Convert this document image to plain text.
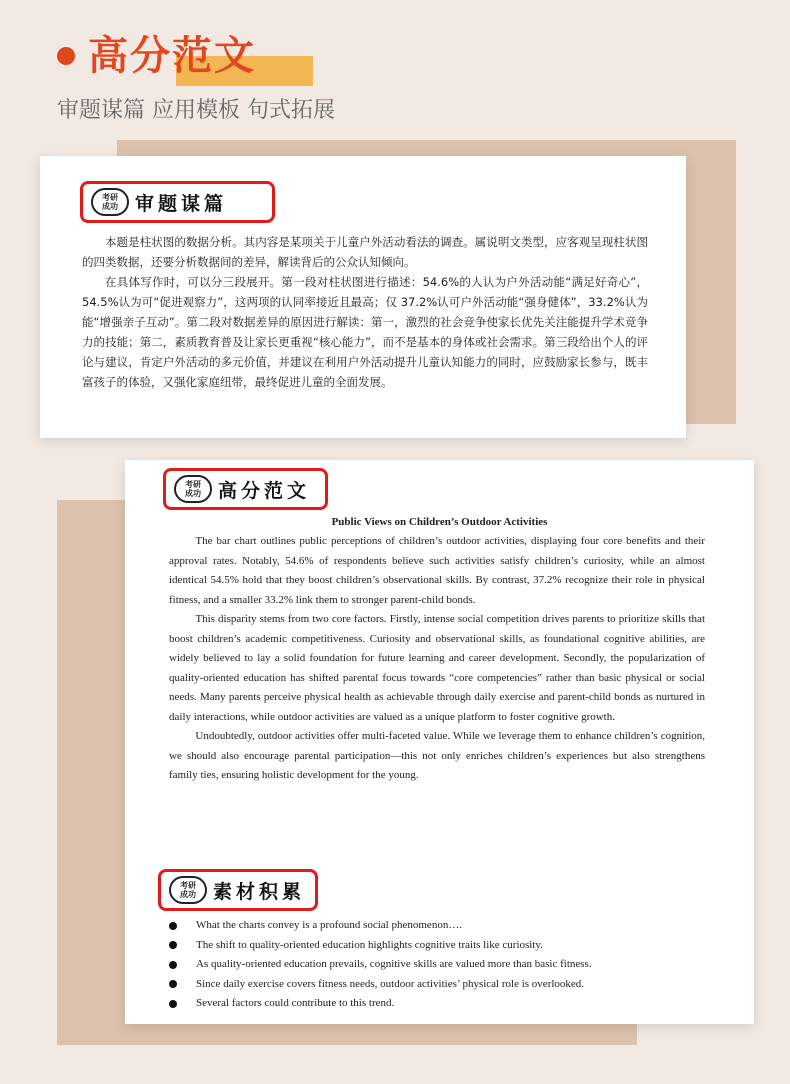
高分范文
审题谋篇 应用模板 句式拓展
考研
成功 审题谋篇

本题是柱状图的数据分析。其内容是某项关于儿童户外活动看法的调查。属说明文类型，应客观呈现柱状图的四类数据，还要分析数据间的差异，解读背后的公众认知倾向。

在具体写作时，可以分三段展开。第一段对柱状图进行描述：54.6%的人认为户外活动能“满足好奇心”，54.5%认为可“促进观察力”，这两项的认同率接近且最高；仅 37.2%认可户外活动能“强身健体”，33.2%认为能“增强亲子互动”。第二段对数据差异的原因进行解读：第一，激烈的社会竞争使家长优先关注能提升学术竞争力的技能；第二，素质教育普及让家长更重视“核心能力”，而不是基本的身体或社会需求。第三段给出个人的评论与建议，肯定户外活动的多元价值，并建议在利用户外活动提升儿童认知能力的同时，应鼓励家长参与，既丰富孩子的体验，又强化家庭纽带，最终促进儿童的全面发展。

考研
成功 高分范文
Public Views on Children’s Outdoor Activities

The bar chart outlines public perceptions of children’s outdoor activities, displaying four core benefits and their approval rates. Notably, 54.6% of respondents believe such activities satisfy children’s curiosity, while an almost identical 54.5% hold that they boost children’s observational skills. By contrast, 37.2% recognize their role in physical fitness, and a smaller 33.2% link them to stronger parent-child bonds.

This disparity stems from two core factors. Firstly, intense social competition drives parents to prioritize skills that boost children’s academic competitiveness. Curiosity and observational skills, as foundational cognitive abilities, are widely believed to lay a solid foundation for future learning and career development. Secondly, the popularization of quality-oriented education has shifted parental focus towards “core competencies” rather than basic physical or social needs. Many parents perceive physical health as achievable through daily exercise and parent-child bonds as nurtured in daily interactions, while outdoor activities are valued as a unique platform to foster cognitive growth.

Undoubtedly, outdoor activities offer multi-faceted value. While we leverage them to enhance children’s cognition, we should also encourage parental participation—this not only enriches children’s experiences but also strengthens family ties, ensuring holistic development for the young.

考研
成功 素材积累
What the charts convey is a profound social phenomenon….
The shift to quality-oriented education highlights cognitive traits like curiosity.
As quality-oriented education prevails, cognitive skills are valued more than basic fitness.
Since daily exercise covers fitness needs, outdoor activities’ physical role is overlooked.
Several factors could contribute to this trend.
